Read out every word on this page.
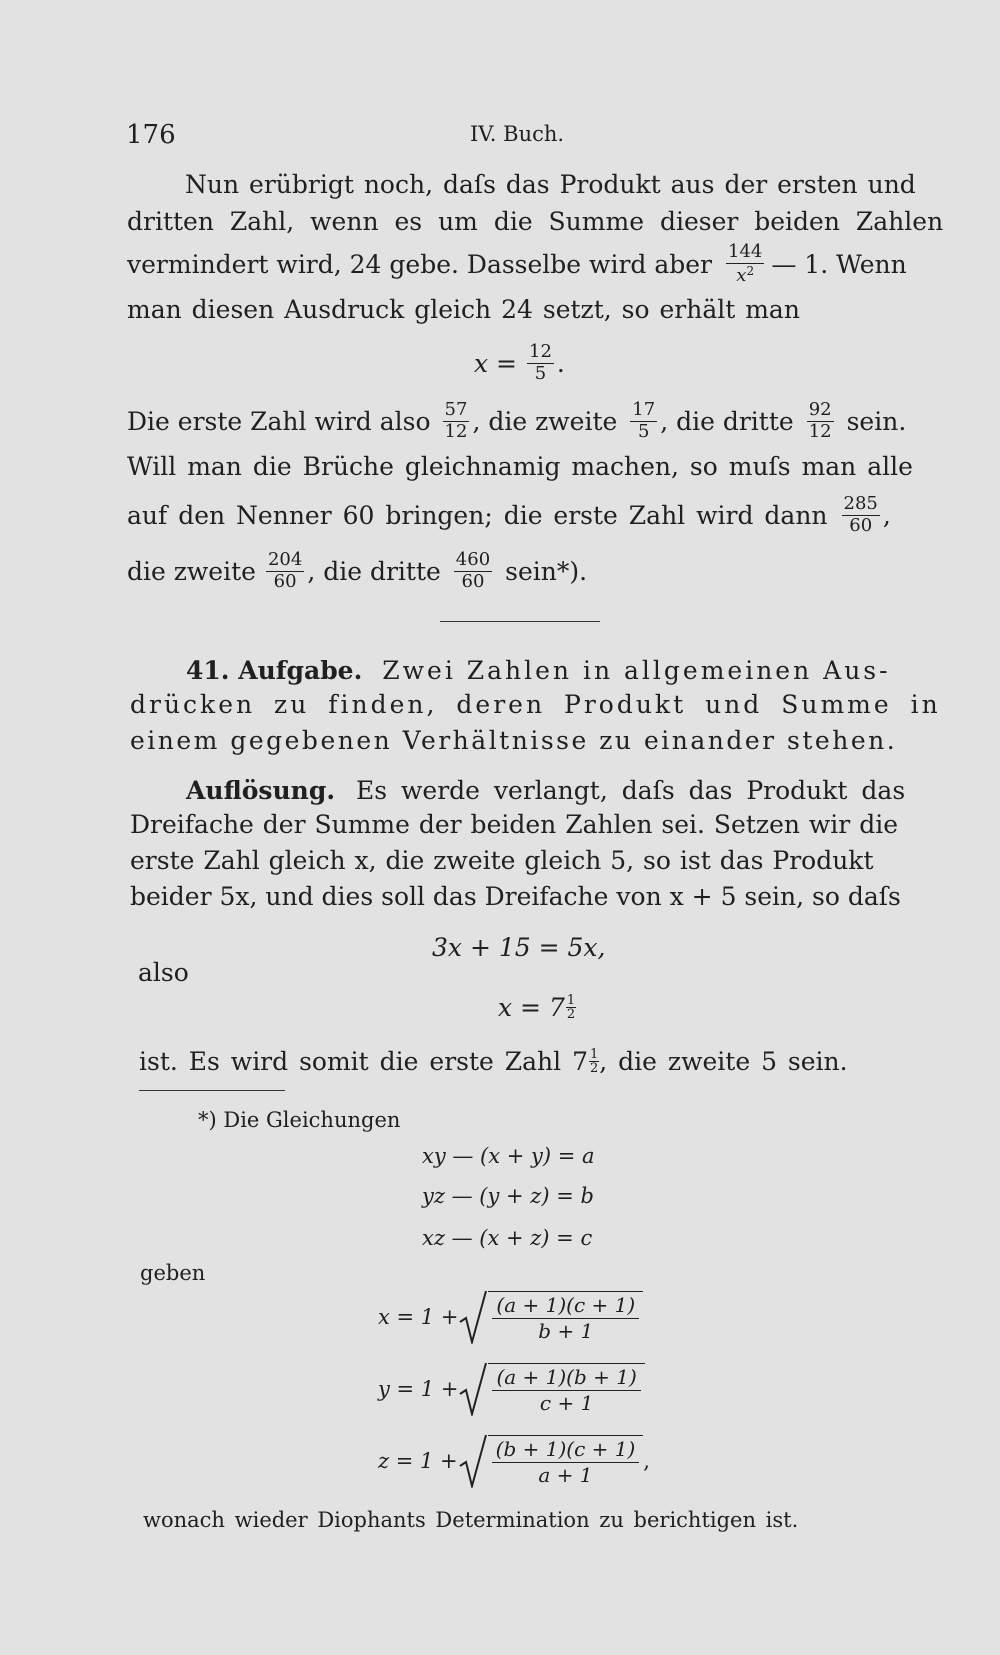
176	IV. Buch.
Nun erübrigt noch, daſs das Produkt aus der ersten und
dritten Zahl, wenn es um die Summe dieser beiden Zahlen
vermindert wird, 24 gebe. Dasselbe wird aber $\frac{144}{x^2}$ — 1. Wenn
man diesen Ausdruck gleich 24 setzt, so erhält man
$x = \frac{12}{5}$ .
Die erste Zahl wird also $\frac{57}{12}$ , die zweite $\frac{17}{5}$ , die dritte $\frac{92}{12}$ sein.
Will man die Brüche gleichnamig machen, so muſs man alle
auf den Nenner 60 bringen; die erste Zahl wird dann $\frac{285}{60}$ ,
die zweite $\frac{204}{60}$ , die dritte $\frac{460}{60}$ sein*).
41. Aufgabe. Zwei Zahlen in allgemeinen Aus-
drücken zu finden, deren Produkt und Summe in
einem gegebenen Verhältnisse zu einander stehen.
Auflösung. Es werde verlangt, daſs das Produkt das
Dreifache der Summe der beiden Zahlen sei. Setzen wir die
erste Zahl gleich x, die zweite gleich 5, so ist das Produkt
beider 5x, und dies soll das Dreifache von x + 5 sein, so daſs
3x + 15 = 5x,
also
$x = 7 \frac{1}{2}$
ist. Es wird somit die erste Zahl $7 \frac{1}{2}$ , die zweite 5 sein.
*) Die Gleichungen
xy — (x + y) = a
yz — (y + z) = b
xz — (x + z) = c
geben
$x = 1 + \frac{(a + 1)(c + 1)}{b + 1}$
$y = 1 + \frac{(a + 1)(b + 1)}{c + 1}$
$z = 1 + \frac{(b + 1)(c + 1)}{a + 1}$ ,
wonach wieder Diophants Determination zu berichtigen ist.
